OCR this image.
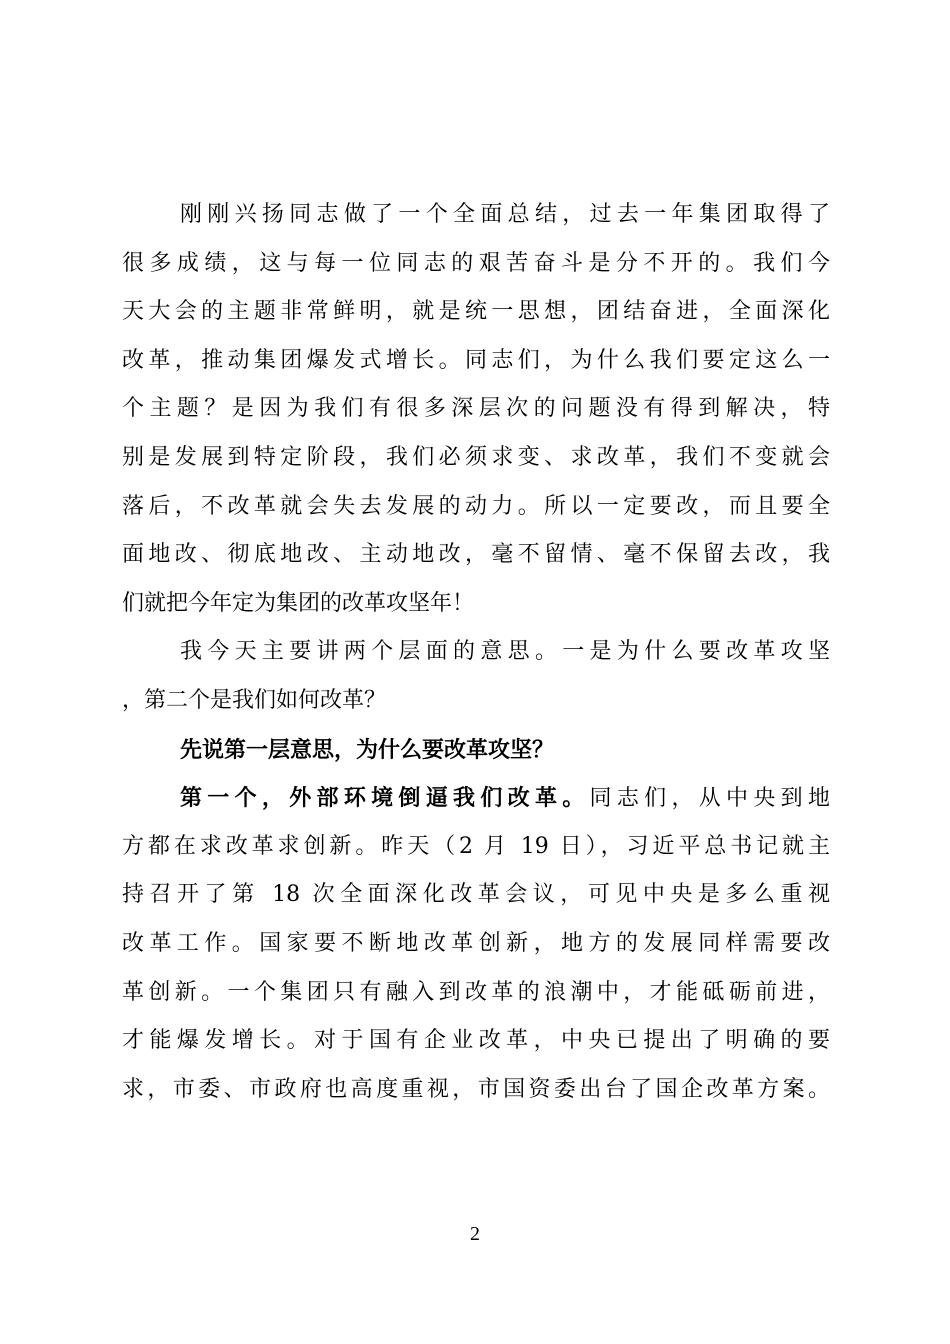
刚刚兴扬同志做了一个全面总结，过去一年集团取得了
很多成绩，这与每一位同志的艰苦奋斗是分不开的。我们今
天大会的主题非常鲜明，就是统一思想，团结奋进，全面深化
改革，推动集团爆发式增长。同志们，为什么我们要定这么一
个主题？是因为我们有很多深层次的问题没有得到解决，特
别是发展到特定阶段，我们必须求变、求改革，我们不变就会
落后，不改革就会失去发展的动力。所以一定要改，而且要全
面地改、彻底地改、主动地改，毫不留情、毫不保留去改，我
们就把今年定为集团的改革攻坚年！
我今天主要讲两个层面的意思。一是为什么要改革攻坚
，第二个是我们如何改革？
先说第一层意思，为什么要改革攻坚？
第一个，外部环境倒逼我们改革。同志们，从中央到地
方都在求改革求创新。昨天（2 月 19 日），习近平总书记就主
持召开了第 18 次全面深化改革会议，可见中央是多么重视
改革工作。国家要不断地改革创新，地方的发展同样需要改
革创新。一个集团只有融入到改革的浪潮中，才能砥砺前进，
才能爆发增长。对于国有企业改革，中央已提出了明确的要
求，市委、市政府也高度重视，市国资委出台了国企改革方案。
2
